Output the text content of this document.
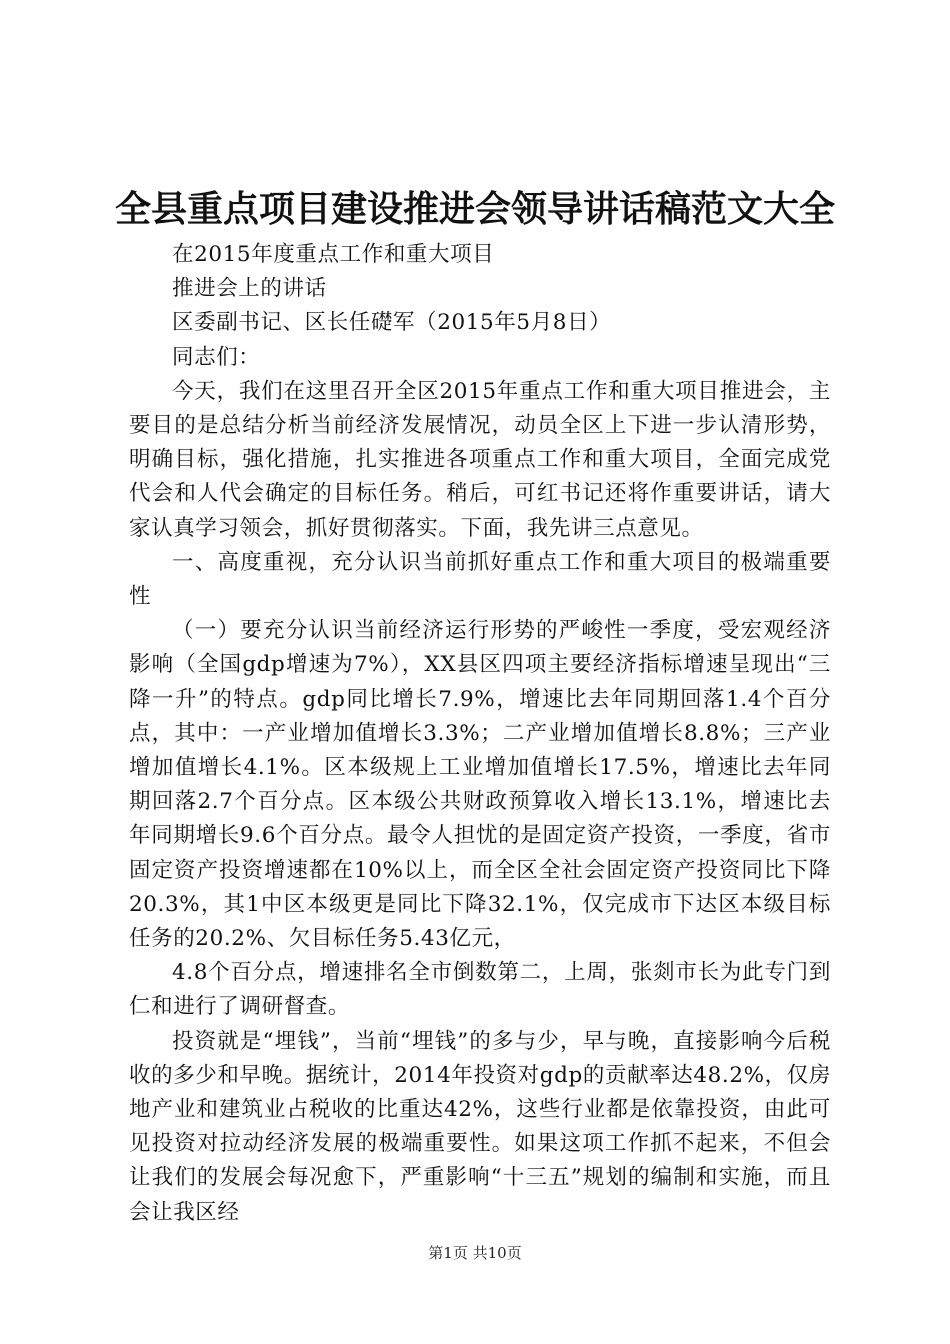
全县重点项目建设推进会领导讲话稿范文大全

在2015年度重点工作和重大项目

推进会上的讲话

区委副书记、区长任礎军（2015年5月8日）

同志们：

今天，我们在这里召开全区2015年重点工作和重大项目推进会，主要目的是总结分析当前经济发展情况，动员全区上下进一步认清形势，明确目标，强化措施，扎实推进各项重点工作和重大项目，全面完成党代会和人代会确定的目标任务。稍后，可红书记还将作重要讲话，请大家认真学习领会，抓好贯彻落实。下面，我先讲三点意见。

一、高度重视，充分认识当前抓好重点工作和重大项目的极端重要性

（一）要充分认识当前经济运行形势的严峻性一季度，受宏观经济影响（全国gdp增速为7%），XX县区四项主要经济指标增速呈现出“三降一升”的特点。gdp同比增长7.9%，增速比去年同期回落1.4个百分点，其中：一产业增加值增长3.3%；二产业增加值增长8.8%；三产业增加值增长4.1%。区本级规上工业增加值增长17.5%，增速比去年同期回落2.7个百分点。区本级公共财政预算收入增长13.1%，增速比去年同期增长9.6个百分点。最令人担忧的是固定资产投资，一季度，省市固定资产投资增速都在10%以上，而全区全社会固定资产投资同比下降20.3%，其1中区本级更是同比下降32.1%，仅完成市下达区本级目标任务的20.2%、欠目标任务5.43亿元，

4.8个百分点，增速排名全市倒数第二，上周，张剡市长为此专门到仁和进行了调研督查。

投资就是“埋钱”，当前“埋钱”的多与少，早与晚，直接影响今后税收的多少和早晚。据统计，2014年投资对gdp的贡献率达48.2%，仅房地产业和建筑业占税收的比重达42%，这些行业都是依靠投资，由此可见投资对拉动经济发展的极端重要性。如果这项工作抓不起来，不但会让我们的发展会每况愈下，严重影响“十三五”规划的编制和实施，而且会让我区经

第1页 共10页
